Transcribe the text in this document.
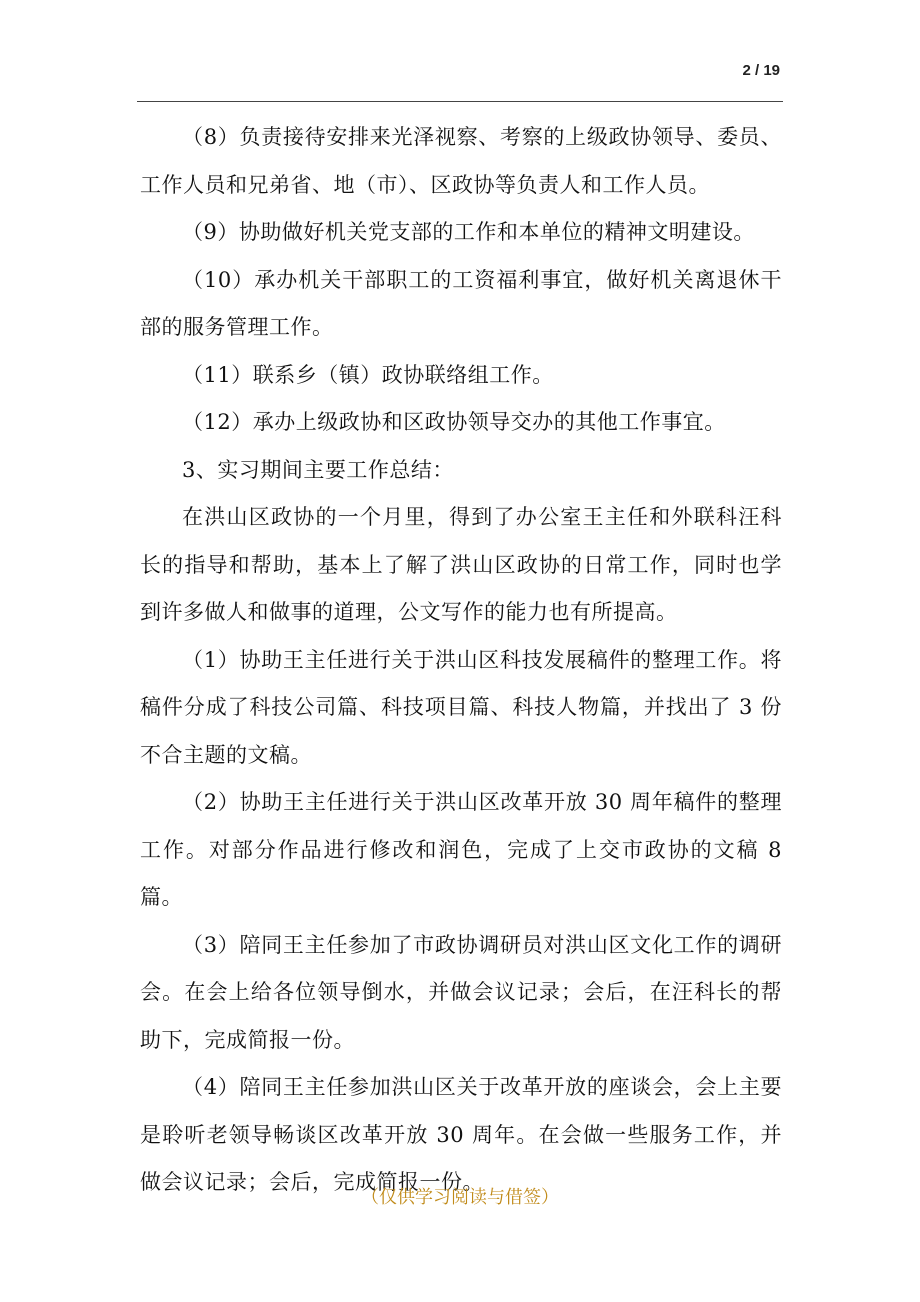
2 / 19

（8）负责接待安排来光泽视察、考察的上级政协领导、委员、工作人员和兄弟省、地（市）、区政协等负责人和工作人员。

（9）协助做好机关党支部的工作和本单位的精神文明建设。

（10）承办机关干部职工的工资福利事宜，做好机关离退休干部的服务管理工作。

（11）联系乡（镇）政协联络组工作。

（12）承办上级政协和区政协领导交办的其他工作事宜。

3、实习期间主要工作总结：

在洪山区政协的一个月里，得到了办公室王主任和外联科汪科长的指导和帮助，基本上了解了洪山区政协的日常工作，同时也学到许多做人和做事的道理，公文写作的能力也有所提高。

（1）协助王主任进行关于洪山区科技发展稿件的整理工作。将稿件分成了科技公司篇、科技项目篇、科技人物篇，并找出了 3 份不合主题的文稿。

（2）协助王主任进行关于洪山区改革开放 30 周年稿件的整理工作。对部分作品进行修改和润色，完成了上交市政协的文稿 8 篇。

（3）陪同王主任参加了市政协调研员对洪山区文化工作的调研会。在会上给各位领导倒水，并做会议记录；会后，在汪科长的帮助下，完成简报一份。

（4）陪同王主任参加洪山区关于改革开放的座谈会，会上主要是聆听老领导畅谈区改革开放 30 周年。在会做一些服务工作，并做会议记录；会后，完成简报一份。

（仅供学习阅读与借签）
